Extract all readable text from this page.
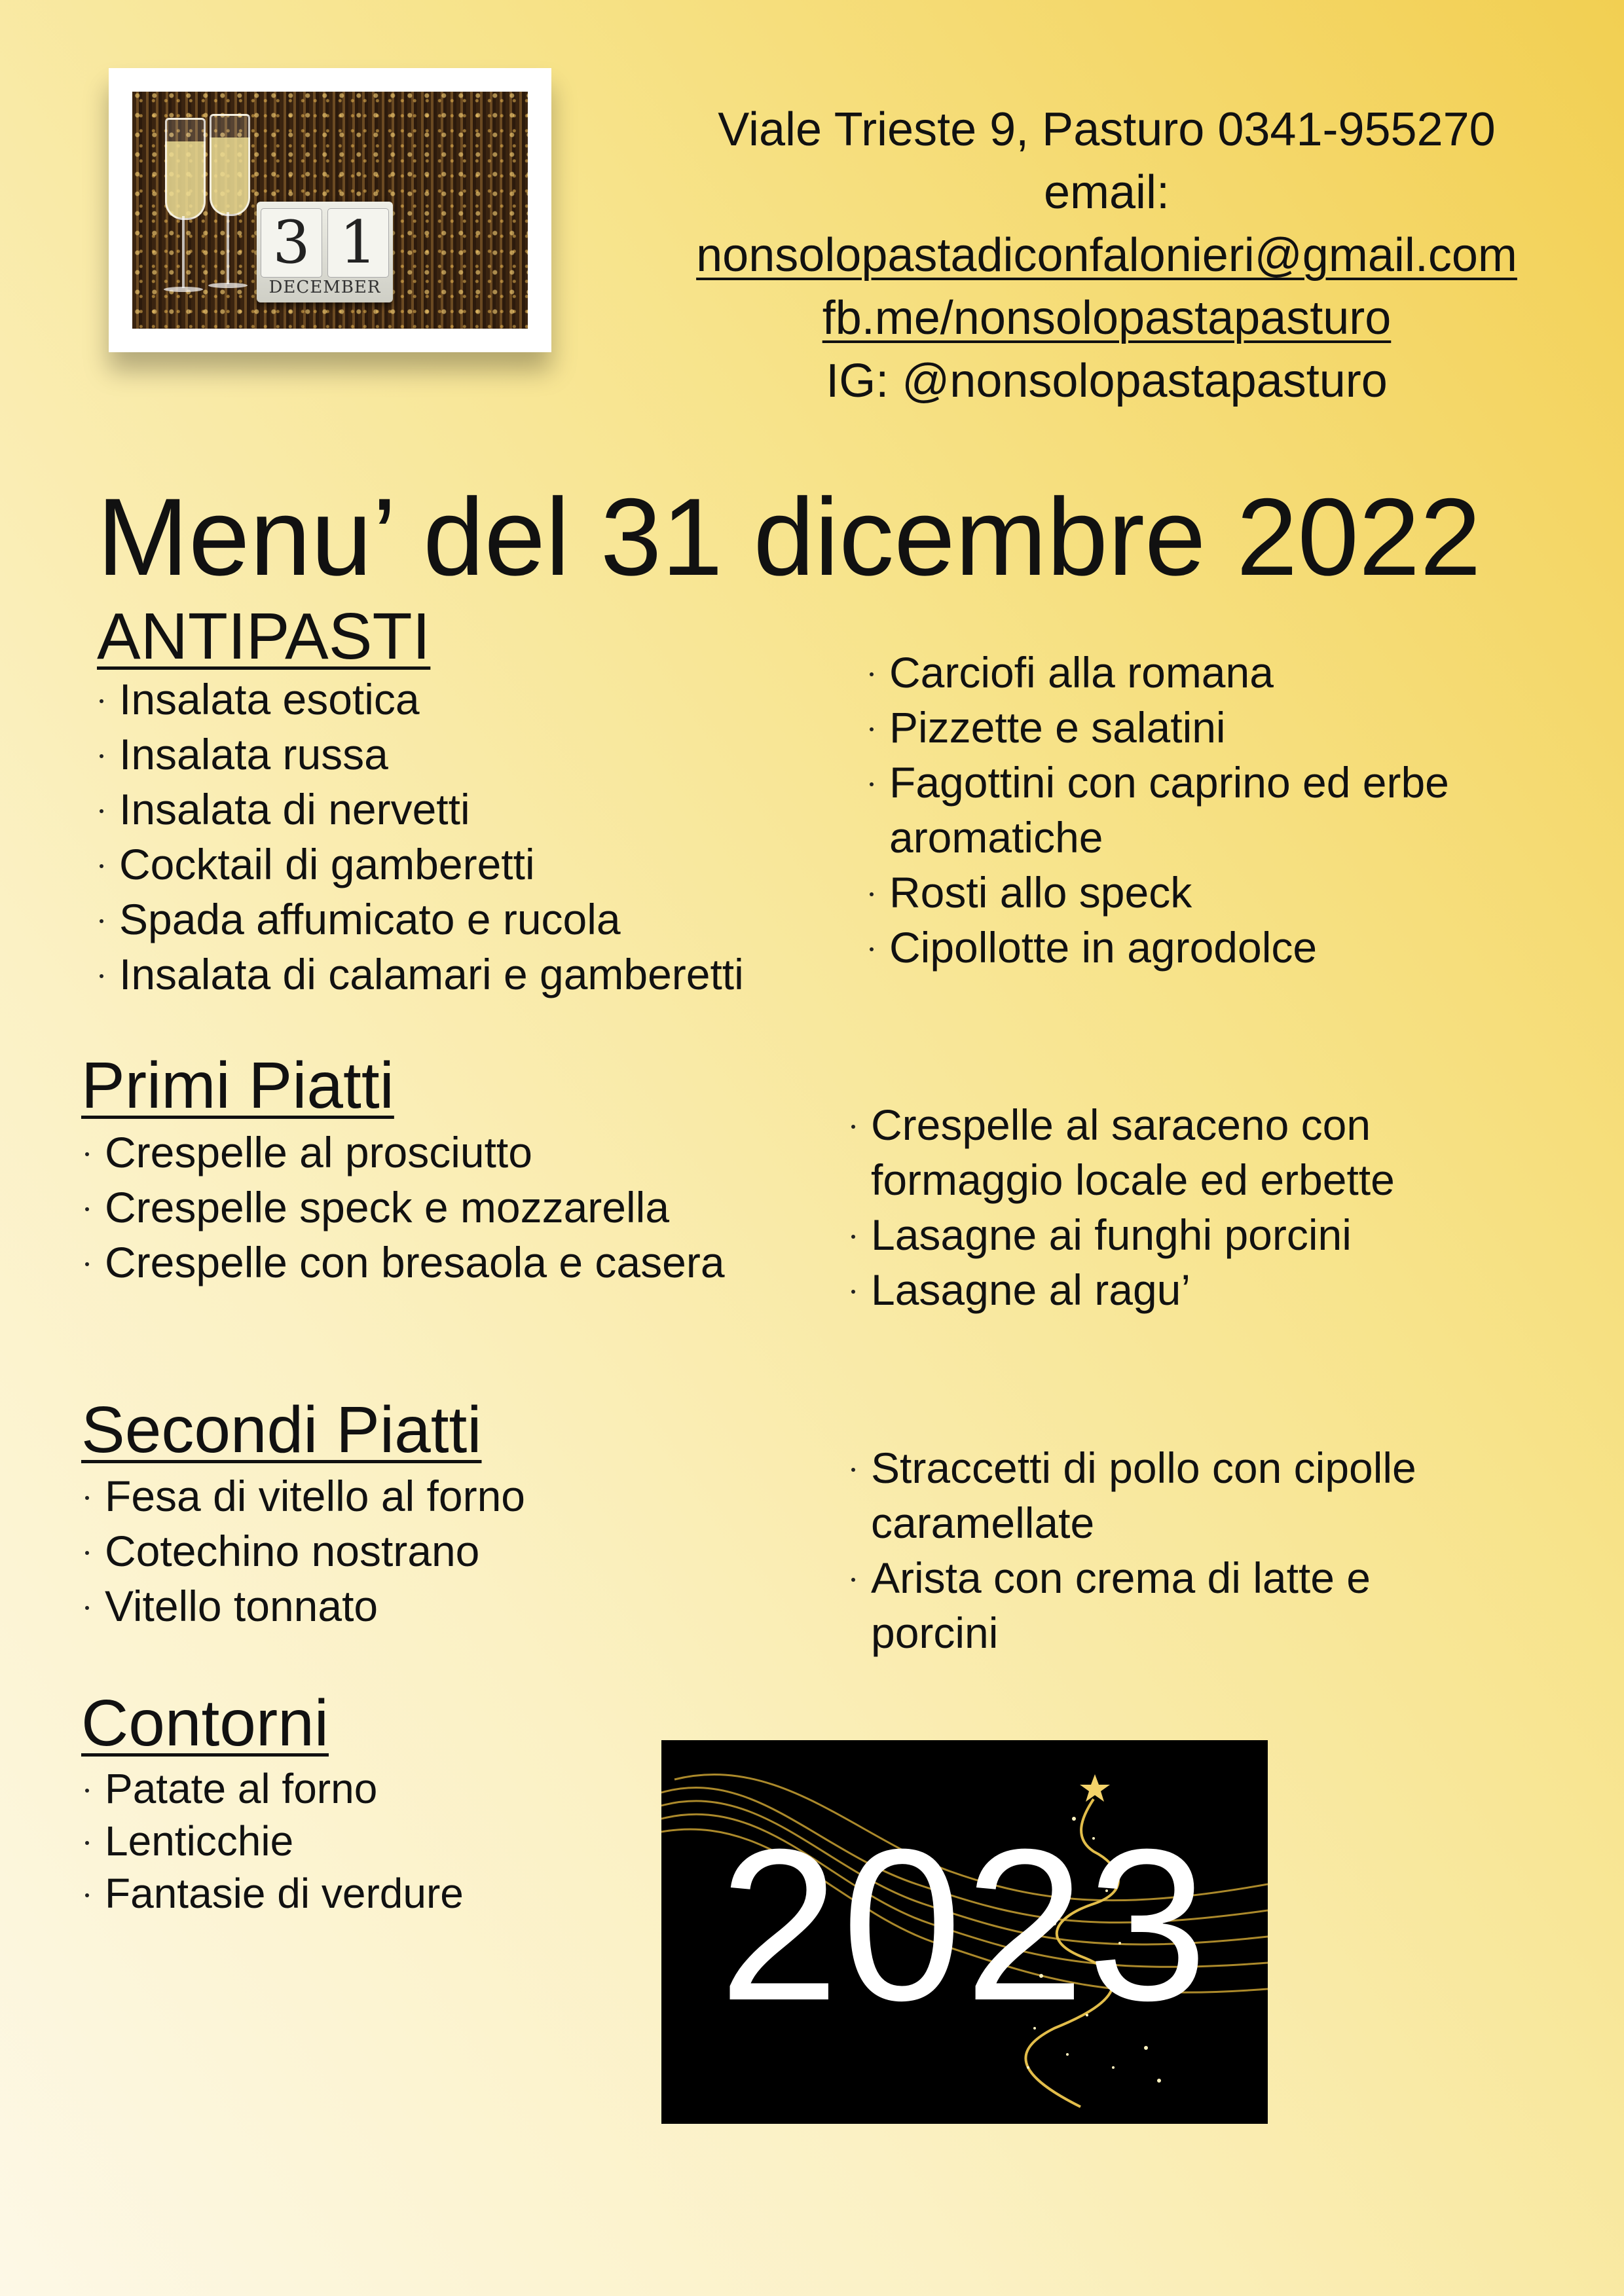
3 1
DECEMBER
Viale Trieste 9, Pasturo 0341-955270
email:
nonsolopastadiconfalonieri@gmail.com
fb.me/nonsolopastapasturo
IG: @nonsolopastapasturo
Menu’ del 31 dicembre 2022
ANTIPASTI
Insalata esotica
Insalata russa
Insalata di nervetti
Cocktail di gamberetti
Spada affumicato e rucola
Insalata di calamari e gamberetti
Carciofi alla romana
Pizzette e salatini
Fagottini con caprino ed erbe aromatiche
Rosti allo speck
Cipollotte in agrodolce
Primi Piatti
Crespelle al prosciutto
Crespelle speck e mozzarella
Crespelle con bresaola e casera
Crespelle al saraceno con formaggio locale ed erbette
Lasagne ai funghi porcini
Lasagne al ragu’
Secondi Piatti
Fesa di vitello al forno
Cotechino nostrano
Vitello tonnato
Straccetti di pollo con cipolle caramellate
Arista con crema di latte e porcini
Contorni
Patate al forno
Lenticchie
Fantasie di verdure	2023
